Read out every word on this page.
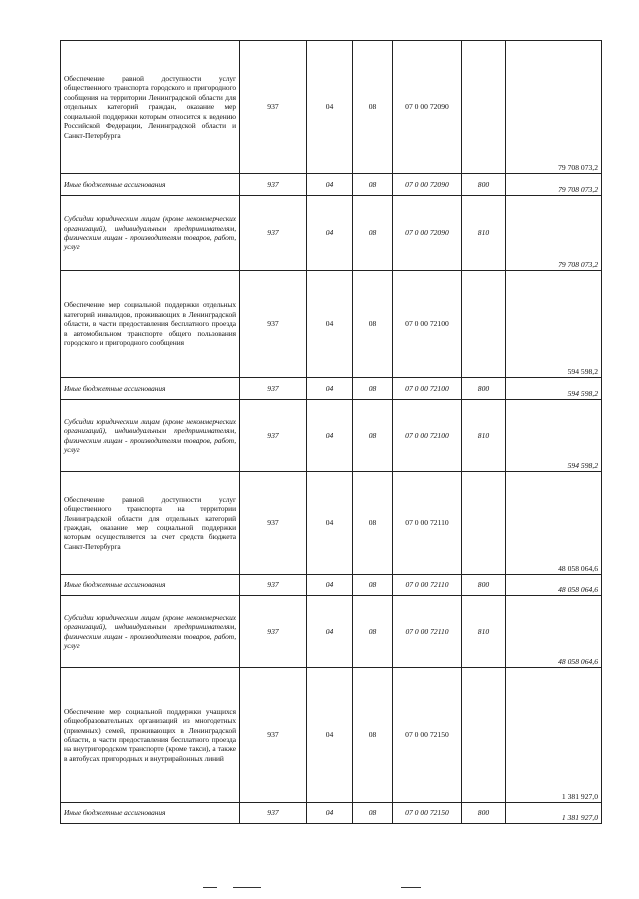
Обеспечение равной доступности услуг общественного транспорта городского и пригородного сообщения на территории Ленинградской области для отдельных категорий граждан, оказание мер социальной поддержки которым относится к ведению Российской Федерации, Ленинградской области и Санкт-Петербурга	937	04	08	07 0 00 72090		79 708 073,2
Иные бюджетные ассигнования	937	04	08	07 0 00 72090	800	79 708 073,2
Субсидии юридическим лицам (кроме некоммерческих организаций), индивидуальным предпринимателям, физическим лицам - производителям товаров, работ, услуг	937	04	08	07 0 00 72090	810	79 708 073,2
Обеспечение мер социальной поддержки отдельных категорий инвалидов, проживающих в Ленинградской области, в части предоставления бесплатного проезда в автомобильном транспорте общего пользования городского и пригородного сообщения	937	04	08	07 0 00 72100		594 598,2
Иные бюджетные ассигнования	937	04	08	07 0 00 72100	800	594 598,2
Субсидии юридическим лицам (кроме некоммерческих организаций), индивидуальным предпринимателям, физическим лицам - производителям товаров, работ, услуг	937	04	08	07 0 00 72100	810	594 598,2
Обеспечение равной доступности услуг общественного транспорта на территории Ленинградской области для отдельных категорий граждан, оказание мер социальной поддержки которым осуществляется за счет средств бюджета Санкт-Петербурга	937	04	08	07 0 00 72110		48 058 064,6
Иные бюджетные ассигнования	937	04	08	07 0 00 72110	800	48 058 064,6
Субсидии юридическим лицам (кроме некоммерческих организаций), индивидуальным предпринимателям, физическим лицам - производителям товаров, работ, услуг	937	04	08	07 0 00 72110	810	48 058 064,6
Обеспечение мер социальной поддержки учащихся общеобразовательных организаций из многодетных (приемных) семей, проживающих в Ленинградской области, в части предоставления бесплатного проезда на внутригородском транспорте (кроме такси), а также в автобусах пригородных и внутрирайонных линий	937	04	08	07 0 00 72150		1 381 927,0
Иные бюджетные ассигнования	937	04	08	07 0 00 72150	800	1 381 927,0
